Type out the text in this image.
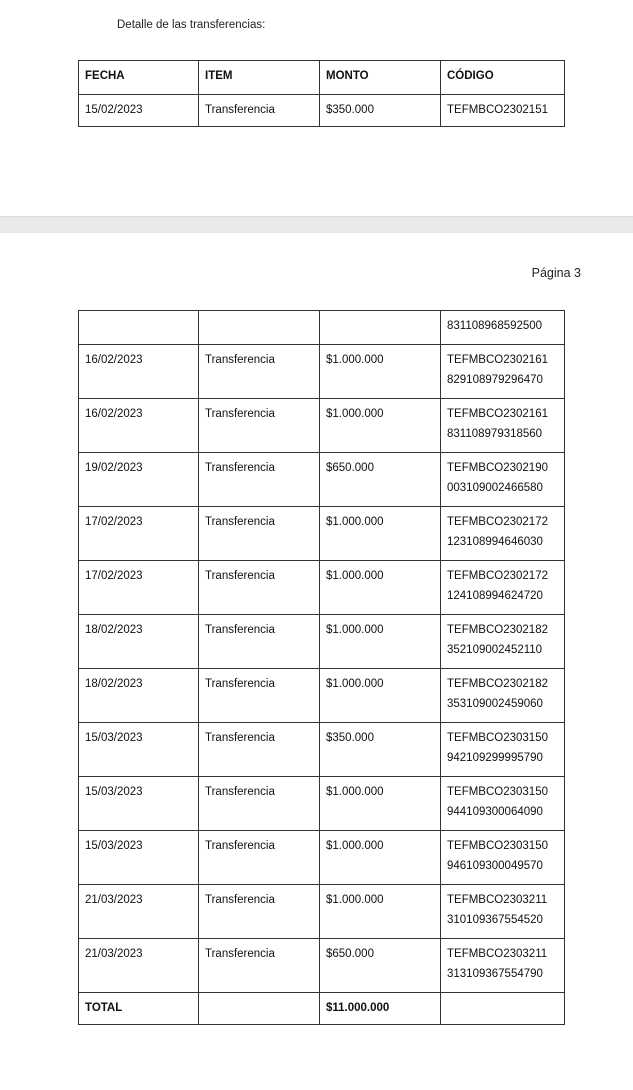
Detalle de las transferencias:
FECHA	ITEM	MONTO	CÓDIGO
15/02/2023	Transferencia	$350.000	TEFMBCO2302151
Página 3
			831108968592500
16/02/2023	Transferencia	$1.000.000	TEFMBCO2302161
829108979296470

16/02/2023	Transferencia	$1.000.000	TEFMBCO2302161
831108979318560

19/02/2023	Transferencia	$650.000	TEFMBCO2302190
003109002466580

17/02/2023	Transferencia	$1.000.000	TEFMBCO2302172
123108994646030

17/02/2023	Transferencia	$1.000.000	TEFMBCO2302172
124108994624720

18/02/2023	Transferencia	$1.000.000	TEFMBCO2302182
352109002452110

18/02/2023	Transferencia	$1.000.000	TEFMBCO2302182
353109002459060

15/03/2023	Transferencia	$350.000	TEFMBCO2303150
942109299995790

15/03/2023	Transferencia	$1.000.000	TEFMBCO2303150
944109300064090

15/03/2023	Transferencia	$1.000.000	TEFMBCO2303150
946109300049570

21/03/2023	Transferencia	$1.000.000	TEFMBCO2303211
310109367554520

21/03/2023	Transferencia	$650.000	TEFMBCO2303211
313109367554790

TOTAL		$11.000.000	
